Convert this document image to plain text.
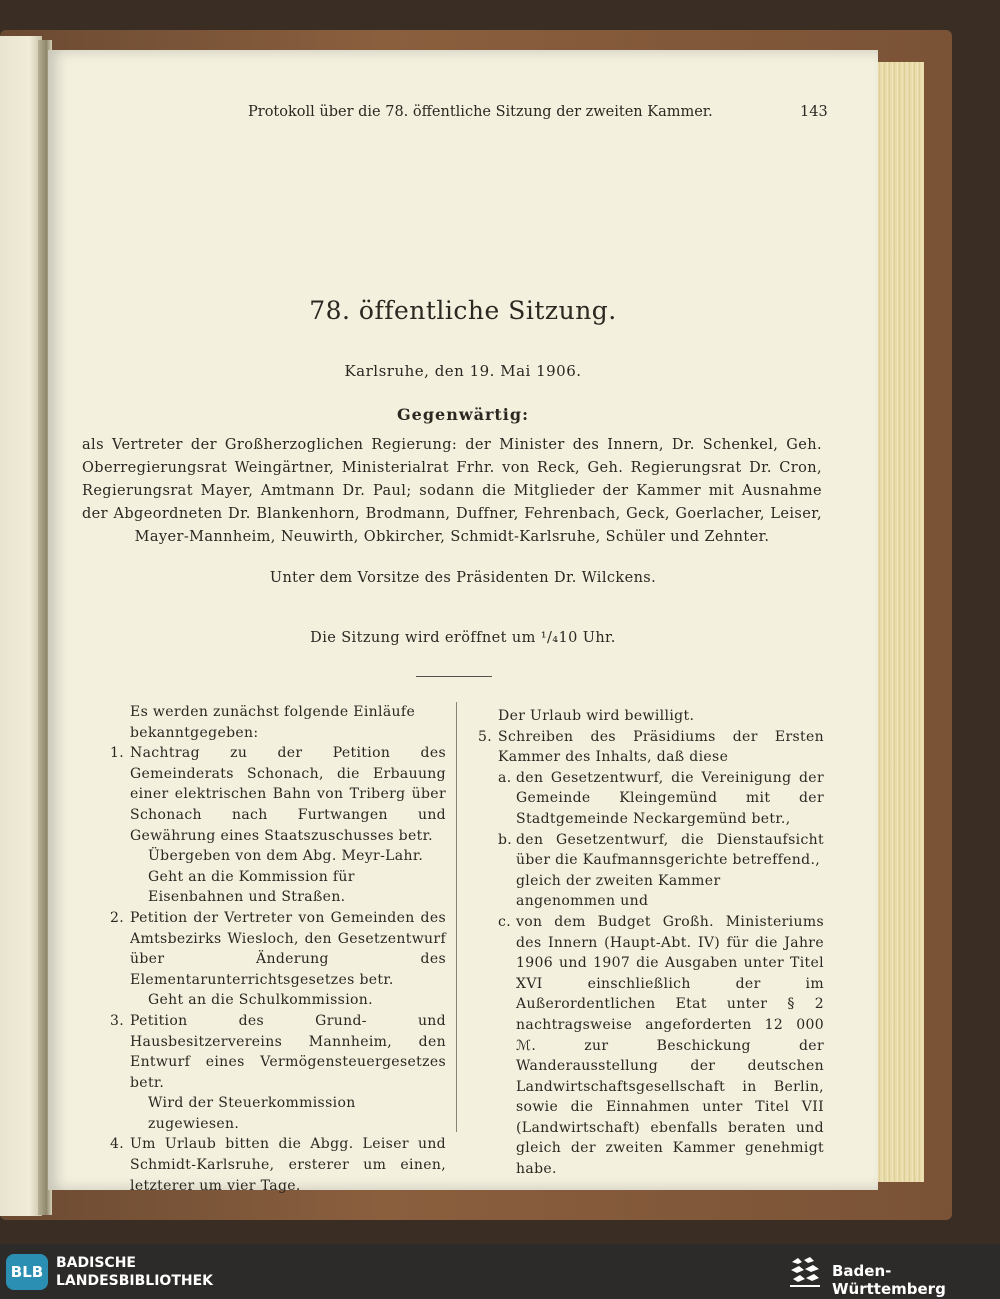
Protokoll über die 78. öffentliche Sitzung der zweiten Kammer.	143
78. öffentliche Sitzung.
Karlsruhe, den 19. Mai 1906.
Gegenwärtig:
als Vertreter der Großherzoglichen Regierung: der Minister des Innern, Dr. Schenkel, Geh. Oberregierungsrat Weingärtner, Ministerialrat Frhr. von Reck, Geh. Regierungsrat Dr. Cron, Regierungsrat Mayer, Amtmann Dr. Paul; sodann die Mitglieder der Kammer mit Ausnahme der Abgeordneten Dr. Blankenhorn, Brodmann, Duffner, Fehrenbach, Geck, Goerlacher, Leiser, Mayer-Mannheim, Neuwirth, Obkircher, Schmidt-Karlsruhe, Schüler und Zehnter.
Unter dem Vorsitze des Präsidenten Dr. Wilckens.
Die Sitzung wird eröffnet um ¹/₄10 Uhr.

Es werden zunächst folgende Einläufe bekanntgegeben:

1. Nachtrag zu der Petition des Gemeinderats Schonach, die Erbauung einer elektrischen Bahn von Triberg über Schonach nach Furtwangen und Gewährung eines Staatszuschusses betr.

Übergeben von dem Abg. Meyr-Lahr.

Geht an die Kommission für Eisenbahnen und Straßen.

2. Petition der Vertreter von Gemeinden des Amtsbezirks Wiesloch, den Gesetzentwurf über Änderung des Elementarunterrichtsgesetzes betr.

Geht an die Schulkommission.

3. Petition des Grund- und Hausbesitzervereins Mannheim, den Entwurf eines Vermögensteuergesetzes betr.

Wird der Steuerkommission zugewiesen.

4. Um Urlaub bitten die Abgg. Leiser und Schmidt-Karlsruhe, ersterer um einen, letzterer um vier Tage.

Der Urlaub wird bewilligt.

5. Schreiben des Präsidiums der Ersten Kammer des Inhalts, daß diese

a. den Gesetzentwurf, die Vereinigung der Gemeinde Kleingemünd mit der Stadtgemeinde Neckargemünd betr.,

b. den Gesetzentwurf, die Dienstaufsicht über die Kaufmannsgerichte betreffend.,

gleich der zweiten Kammer angenommen und

c. von dem Budget Großh. Ministeriums des Innern (Haupt-Abt. IV) für die Jahre 1906 und 1907 die Ausgaben unter Titel XVI einschließlich der im Außerordentlichen Etat unter § 2 nachtragsweise angeforderten 12 000 ℳ. zur Beschickung der Wanderausstellung der deutschen Landwirtschaftsgesellschaft in Berlin, sowie die Einnahmen unter Titel VII (Landwirtschaft) ebenfalls beraten und gleich der zweiten Kammer genehmigt habe.

BLB BADISCHE
LANDESBIBLIOTHEK
Baden-Württemberg
